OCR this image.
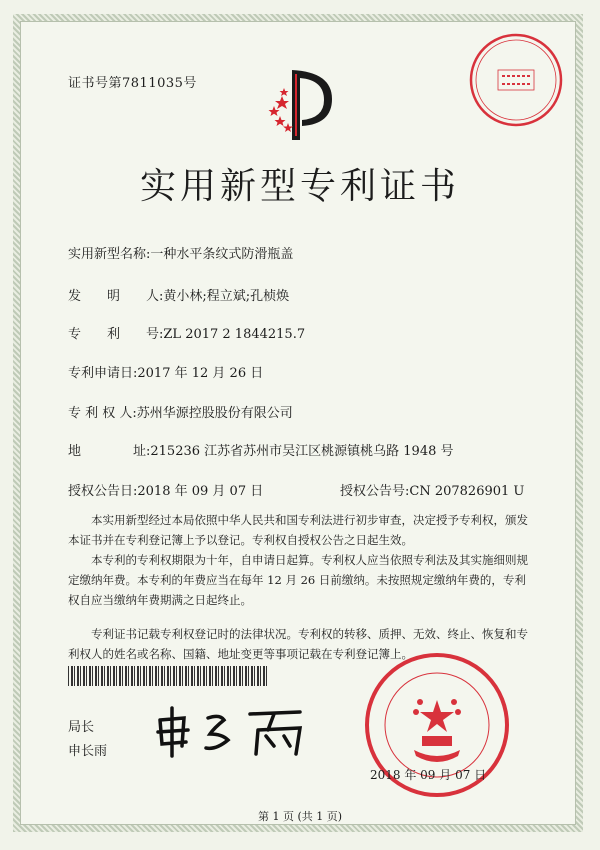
证书号第7811035号
实用新型专利证书
实用新型名称:一种水平条纹式防滑瓶盖
发　　明　　人:黄小林;程立斌;孔桢焕
专　　利　　号:ZL 2017 2 1844215.7
专利申请日:2017 年 12 月 26 日
专 利 权 人:苏州华源控股股份有限公司
地　　　　址:215236 江苏省苏州市吴江区桃源镇桃乌路 1948 号
授权公告日:2018 年 09 月 07 日	授权公告号:CN 207826901 U

本实用新型经过本局依照中华人民共和国专利法进行初步审查，决定授予专利权，颁发本证书并在专利登记簿上予以登记。专利权自授权公告之日起生效。

本专利的专利权期限为十年，自申请日起算。专利权人应当依照专利法及其实施细则规定缴纳年费。本专利的年费应当在每年 12 月 26 日前缴纳。未按照规定缴纳年费的，专利权自应当缴纳年费期满之日起终止。

专利证书记载专利权登记时的法律状况。专利权的转移、质押、无效、终止、恢复和专利权人的姓名或名称、国籍、地址变更等事项记载在专利登记簿上。

局长
申长雨
2018 年 09 月 07 日
第 1 页 (共 1 页)
